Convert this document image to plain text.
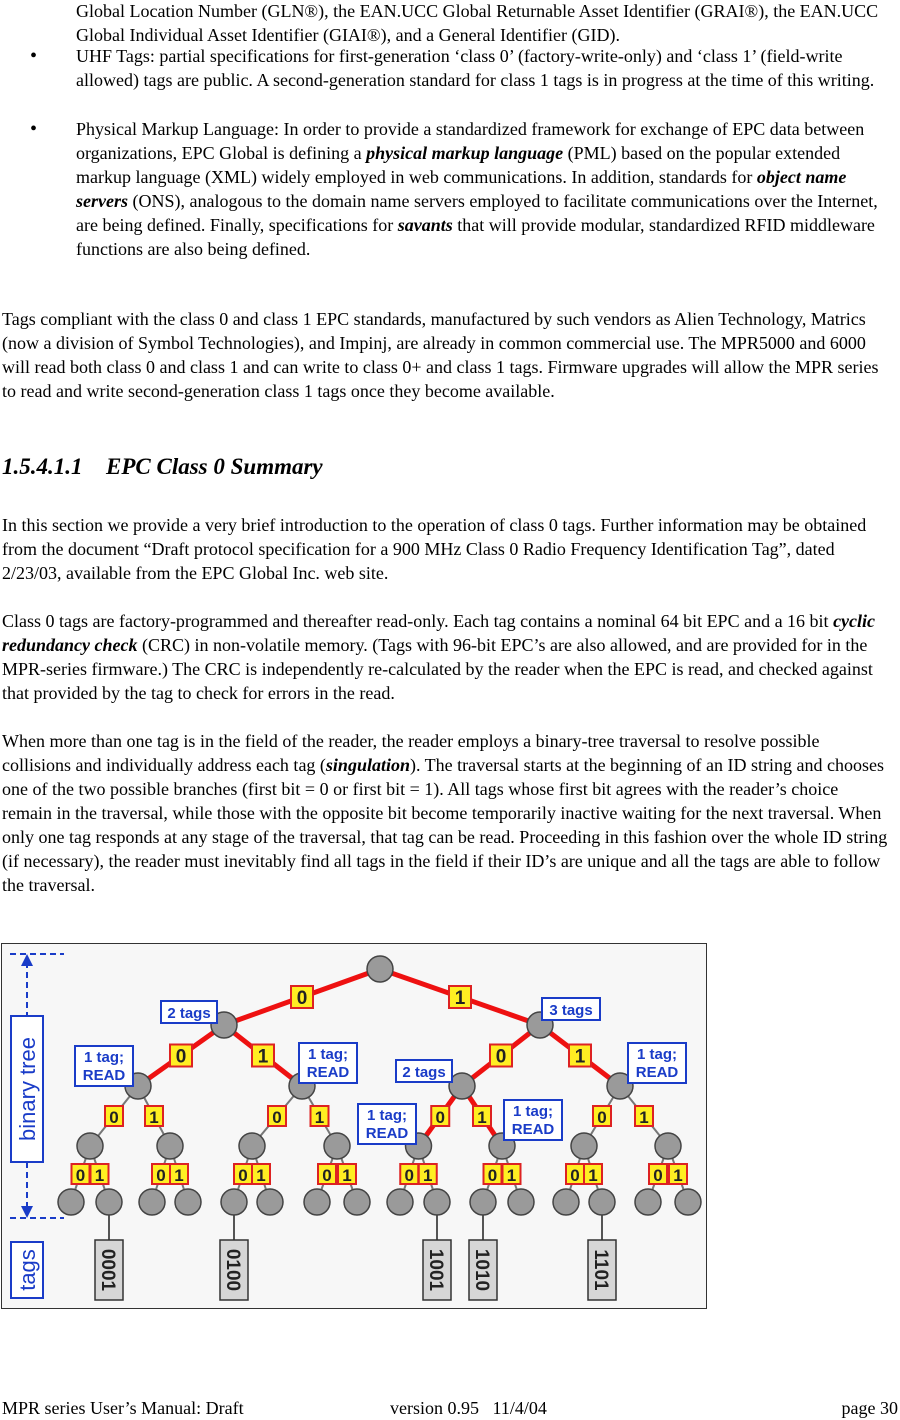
Global Location Number (GLN®), the EAN.UCC Global Returnable Asset Identifier (GRAI®), the EAN.UCC Global Individual Asset Identifier (GIAI®), and a General Identifier (GID).
• UHF Tags: partial specifications for first-generation ‘class 0’ (factory-write-only) and ‘class 1’ (field-write allowed) tags are public. A second-generation standard for class 1 tags is in progress at the time of this writing.
• Physical Markup Language: In order to provide a standardized framework for exchange of EPC data between organizations, EPC Global is defining a physical markup language (PML) based on the popular extended markup language (XML) widely employed in web communications. In addition, standards for object name servers (ONS), analogous to the domain name servers employed to facilitate communications over the Internet, are being defined. Finally, specifications for savants that will provide modular, standardized RFID middleware functions are also being defined.

Tags compliant with the class 0 and class 1 EPC standards, manufactured by such vendors as Alien Technology, Matrics (now a division of Symbol Technologies), and Impinj, are already in common commercial use. The MPR5000 and 6000 will read both class 0 and class 1 and can write to class 0+ and class 1 tags. Firmware upgrades will allow the MPR series to read and write second-generation class 1 tags once they become available.

1.5.4.1.1 EPC Class 0 Summary

In this section we provide a very brief introduction to the operation of class 0 tags. Further information may be obtained from the document “Draft protocol specification for a 900 MHz Class 0 Radio Frequency Identification Tag”, dated 2/23/03, available from the EPC Global Inc. web site.

Class 0 tags are factory-programmed and thereafter read-only. Each tag contains a nominal 64 bit EPC and a 16 bit cyclic redundancy check (CRC) in non-volatile memory. (Tags with 96-bit EPC’s are also allowed, and are provided for in the MPR-series firmware.) The CRC is independently re-calculated by the reader when the EPC is read, and checked against that provided by the tag to check for errors in the read.

When more than one tag is in the field of the reader, the reader employs a binary-tree traversal to resolve possible collisions and individually address each tag (singulation). The traversal starts at the beginning of an ID string and chooses one of the two possible branches (first bit = 0 or first bit = 1). All tags whose first bit agrees with the reader’s choice remain in the traversal, while those with the opposite bit become temporarily inactive waiting for the next traversal. When only one tag responds at any stage of the traversal, that tag can be read. Proceeding in this fashion over the whole ID string (if necessary), the reader must inevitably find all tags in the field if their ID’s are unique and all the tags are able to follow the traversal.

0	1
0	1	0	1
0 1	0 1	0 1	0 1
0 1	0 1	0 1	0 1	0 1	0 1	0 1	0 1
binary tree
tags
2 tags	3 tags
1 tag;
READ
1 tag;
READ	2 tags
1 tag;
READ
1 tag;
READ
1 tag;
READ
0001	0100	1001 1010	1101
MPR series User’s Manual: Draft	version 0.95   11/4/04	page 30
